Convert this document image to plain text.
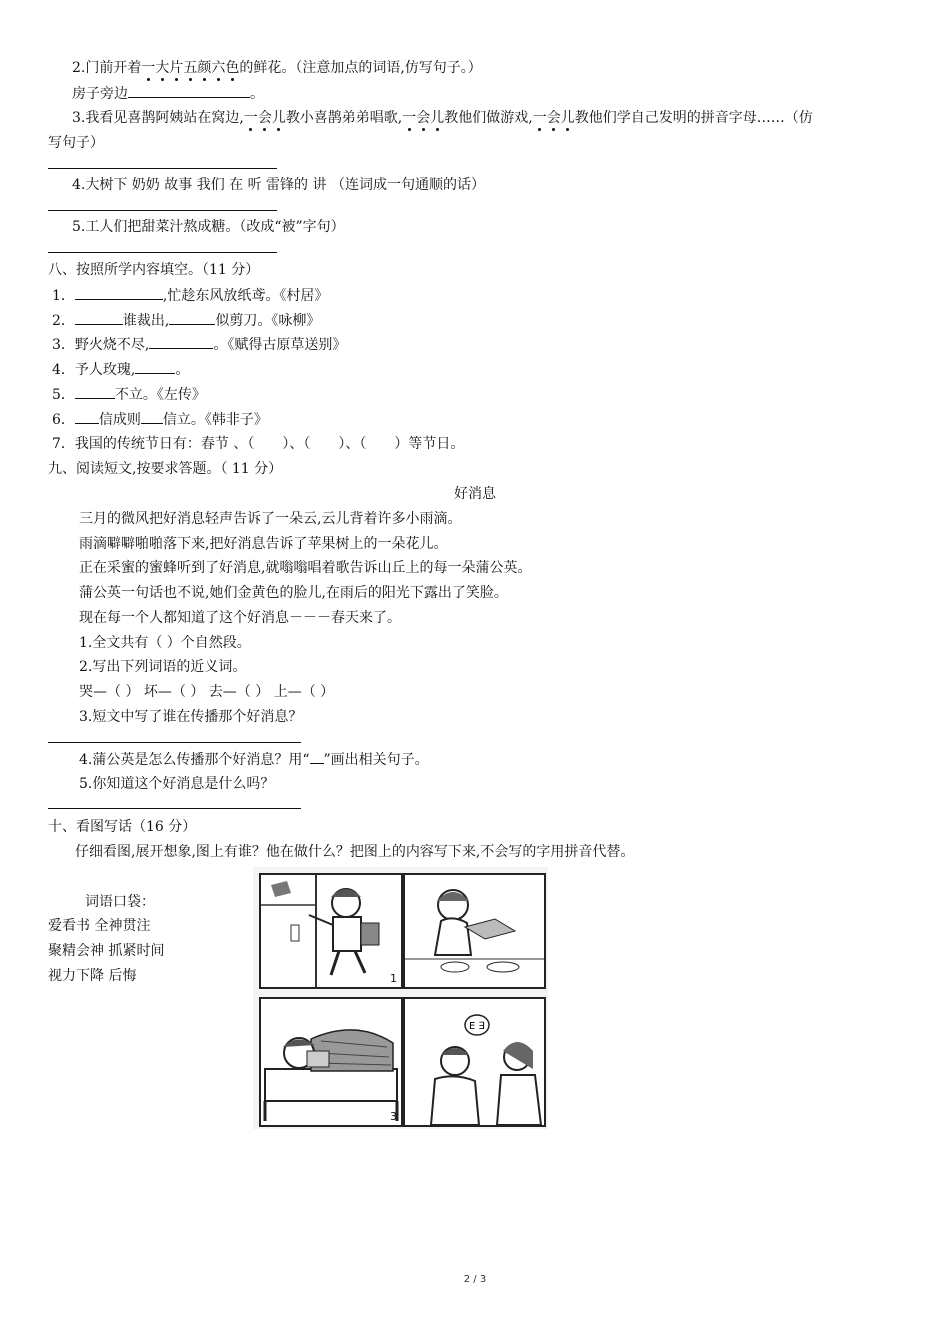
2.门前开着一大片五颜六色的鲜花。（注意加点的词语,仿写句子。）
房子旁边	。
3.我看见喜鹊阿姨站在窝边,一会儿教小喜鹊弟弟唱歌,一会儿教他们做游戏,一会儿教他们学自己发明的拼音字母……（仿
写句子）
4.大树下 奶奶 故事 我们 在 听 雷锋的 讲 （连词成一句通顺的话）
5.工人们把甜菜汁熬成糖。（改成“被”字句）
八、按照所学内容填空。（11 分）
1．	,忙趁东风放纸鸢。《村居》
2．	谁裁出,	似剪刀。《咏柳》
3．野火烧不尽,	。《赋得古原草送别》
4．予人玫瑰,	。
5．	不立。《左传》
6． 信成则 信立。《韩非子》
7．我国的传统节日有：春节 、（　　）、（　　）、（　　）等节日。
九、阅读短文,按要求答题。（ 11 分）
好消息
三月的微风把好消息轻声告诉了一朵云,云儿背着许多小雨滴。
雨滴噼噼啪啪落下来,把好消息告诉了苹果树上的一朵花儿。
正在采蜜的蜜蜂听到了好消息,就嗡嗡唱着歌告诉山丘上的每一朵蒲公英。
蒲公英一句话也不说,她们金黄色的脸儿,在雨后的阳光下露出了笑脸。
现在每一个人都知道了这个好消息－－－春天来了。
1.全文共有（ ）个自然段。
2.写出下列词语的近义词。
哭—（ ） 坏—（ ） 去—（ ） 上—（ ）
3.短文中写了谁在传播那个好消息？
4.蒲公英是怎么传播那个好消息？用“ ”画出相关句子。
5.你知道这个好消息是什么吗？
十、看图写话（16 分）
仔细看图,展开想象,图上有谁？他在做什么？把图上的内容写下来,不会写的字用拼音代替。
词语口袋：
爱看书 全神贯注
聚精会神 抓紧时间
视力下降 后悔	1
3
E ∃
2 / 3
